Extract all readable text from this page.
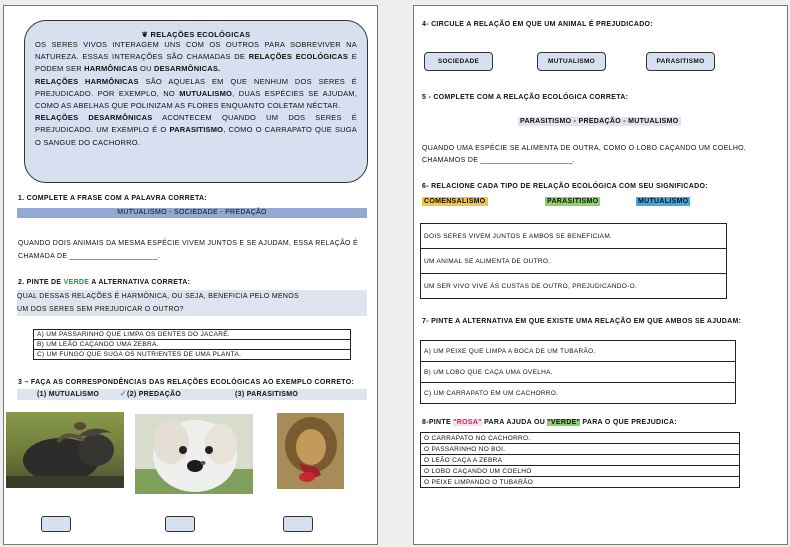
❦ RELAÇÕES ECOLÓGICAS

OS SERES VIVOS INTERAGEM UNS COM OS OUTROS PARA SOBREVIVER NA NATUREZA. ESSAS INTERAÇÕES SÃO CHAMADAS DE RELAÇÕES ECOLÓGICAS E PODEM SER HARMÔNICAS OU DESARMÔNICAS.

RELAÇÕES HARMÔNICAS SÃO AQUELAS EM QUE NENHUM DOS SERES É PREJUDICADO. POR EXEMPLO, NO MUTUALISMO, DUAS ESPÉCIES SE AJUDAM, COMO AS ABELHAS QUE POLINIZAM AS FLORES ENQUANTO COLETAM NÉCTAR.

RELAÇÕES DESARMÔNICAS ACONTECEM QUANDO UM DOS SERES É PREJUDICADO. UM EXEMPLO É O PARASITISMO, COMO O CARRAPATO QUE SUGA O SANGUE DO CACHORRO.

1. COMPLETE A FRASE COM A PALAVRA CORRETA:
MUTUALISMO - SOCIEDADE - PREDAÇÃO
QUANDO DOIS ANIMAIS DA MESMA ESPÉCIE VIVEM JUNTOS E SE AJUDAM, ESSA RELAÇÃO É CHAMADA DE _____________________.
2. PINTE DE VERDE A ALTERNATIVA CORRETA:
QUAL DESSAS RELAÇÕES É HARMÔNICA, OU SEJA, BENEFICIA PELO MENOS
UM DOS SERES SEM PREJUDICAR O OUTRO?
A) UM PASSARINHO QUE LIMPA OS DENTES DO JACARÉ.
B) UM LEÃO CAÇANDO UMA ZEBRA.
C) UM FUNGO QUE SUGA OS NUTRIENTES DE UMA PLANTA.
3 – FAÇA AS CORRESPONDÊNCIAS DAS RELAÇÕES ECOLÓGICAS AO EXEMPLO CORRETO:
(1) MUTUALISMO	✓ (2) PREDAÇÃO	(3) PARASITISMO
4- CIRCULE A RELAÇÃO EM QUE UM ANIMAL É PREJUDICADO:
SOCIEDADE	MUTUALISMO	PARASITISMO
5 - COMPLETE COM A RELAÇÃO ECOLÓGICA CORRETA:
PARASITISMO - PREDAÇÃO - MUTUALISMO
QUANDO UMA ESPÉCIE SE ALIMENTA DE OUTRA, COMO O LOBO CAÇANDO UM COELHO,
CHAMAMOS DE ______________________.
6- RELACIONE CADA TIPO DE RELAÇÃO ECOLÓGICA COM SEU SIGNIFICADO:
COMENSALISMO	PARASITISMO	MUTUALISMO
DOIS SERES VIVEM JUNTOS E AMBOS SE BENEFICIAM.
UM ANIMAL SE ALIMENTA DE OUTRO.
UM SER VIVO VIVE ÀS CUSTAS DE OUTRO, PREJUDICANDO-O.
7- PINTE A ALTERNATIVA EM QUE EXISTE UMA RELAÇÃO EM QUE AMBOS SE AJUDAM:
A) UM PEIXE QUE LIMPA A BOCA DE UM TUBARÃO.
B) UM LOBO QUE CAÇA UMA OVELHA.
C) UM CARRAPATO EM UM CACHORRO.
8-PINTE "ROSA" PARA AJUDA OU "VERDE" PARA O QUE PREJUDICA:
O CARRAPATO NO CACHORRO.
O PASSARINHO NO BOI.
O LEÃO CAÇA A ZEBRA
O LOBO CAÇANDO UM COELHO
O PEIXE LIMPANDO O TUBARÃO
